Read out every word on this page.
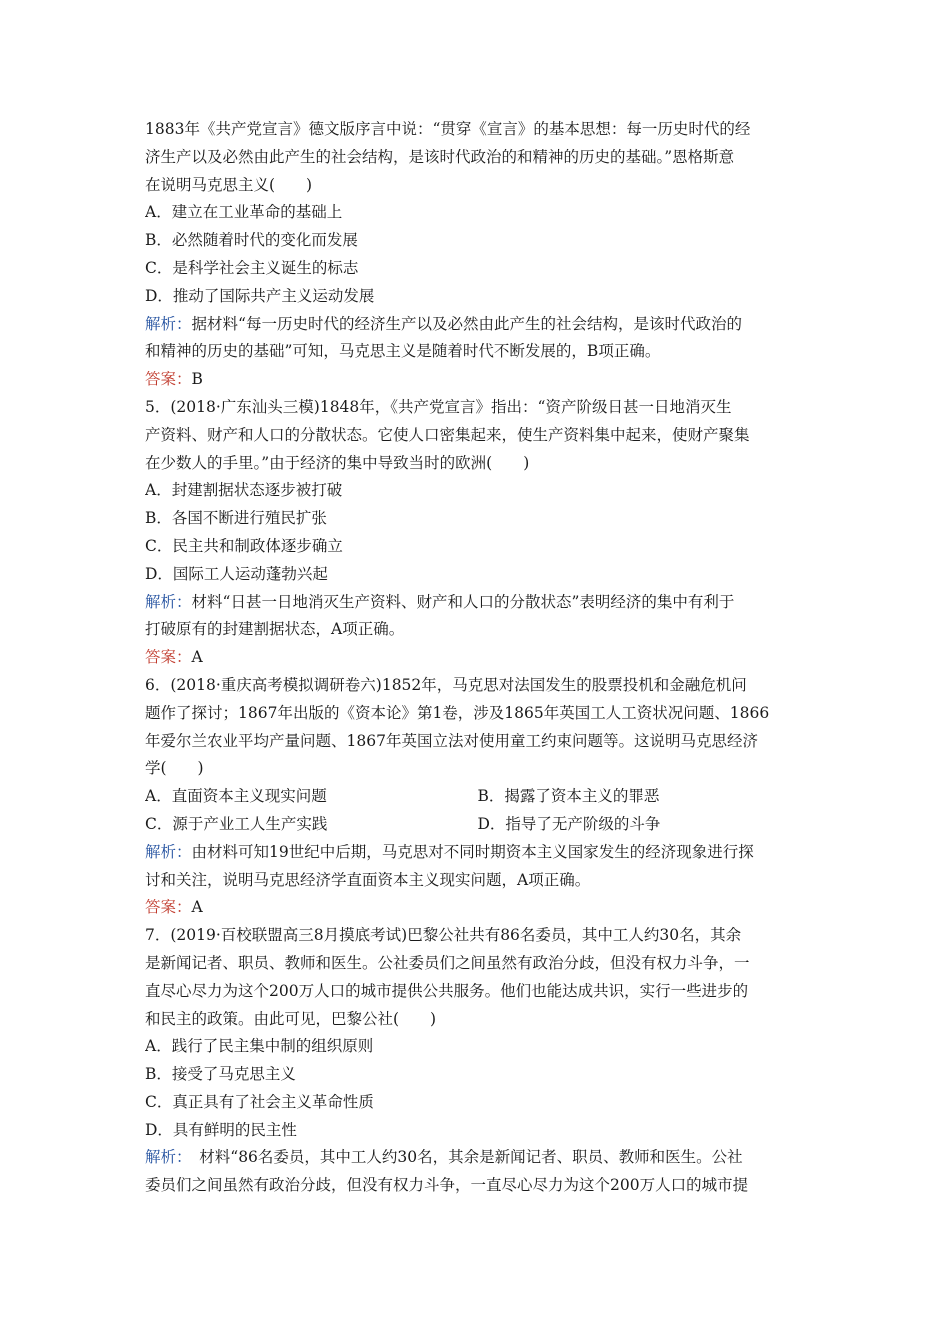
1883年《共产党宣言》德文版序言中说：“贯穿《宣言》的基本思想：每一历史时代的经
济生产以及必然由此产生的社会结构，是该时代政治的和精神的历史的基础。”恩格斯意
在说明马克思主义(　　)
A．建立在工业革命的基础上
B．必然随着时代的变化而发展
C．是科学社会主义诞生的标志
D．推动了国际共产主义运动发展
解析：据材料“每一历史时代的经济生产以及必然由此产生的社会结构，是该时代政治的
和精神的历史的基础”可知，马克思主义是随着时代不断发展的，B项正确。
答案：B
5．(2018·广东汕头三模)1848年，《共产党宣言》指出：“资产阶级日甚一日地消灭生
产资料、财产和人口的分散状态。它使人口密集起来，使生产资料集中起来，使财产聚集
在少数人的手里。”由于经济的集中导致当时的欧洲(　　)
A．封建割据状态逐步被打破
B．各国不断进行殖民扩张
C．民主共和制政体逐步确立
D．国际工人运动蓬勃兴起
解析：材料“日甚一日地消灭生产资料、财产和人口的分散状态”表明经济的集中有利于
打破原有的封建割据状态，A项正确。
答案：A
6．(2018·重庆高考模拟调研卷六)1852年，马克思对法国发生的股票投机和金融危机问
题作了探讨；1867年出版的《资本论》第1卷，涉及1865年英国工人工资状况问题、1866
年爱尔兰农业平均产量问题、1867年英国立法对使用童工约束问题等。这说明马克思经济
学(　　)
A．直面资本主义现实问题	B．揭露了资本主义的罪恶
C．源于产业工人生产实践	D．指导了无产阶级的斗争
解析：由材料可知19世纪中后期，马克思对不同时期资本主义国家发生的经济现象进行探
讨和关注，说明马克思经济学直面资本主义现实问题，A项正确。
答案：A
7．(2019·百校联盟高三8月摸底考试)巴黎公社共有86名委员，其中工人约30名，其余
是新闻记者、职员、教师和医生。公社委员们之间虽然有政治分歧，但没有权力斗争，一
直尽心尽力为这个200万人口的城市提供公共服务。他们也能达成共识，实行一些进步的
和民主的政策。由此可见，巴黎公社(　　)
A．践行了民主集中制的组织原则
B．接受了马克思主义
C．真正具有了社会主义革命性质
D．具有鲜明的民主性
解析：　材料“86名委员，其中工人约30名，其余是新闻记者、职员、教师和医生。公社
委员们之间虽然有政治分歧，但没有权力斗争，一直尽心尽力为这个200万人口的城市提
